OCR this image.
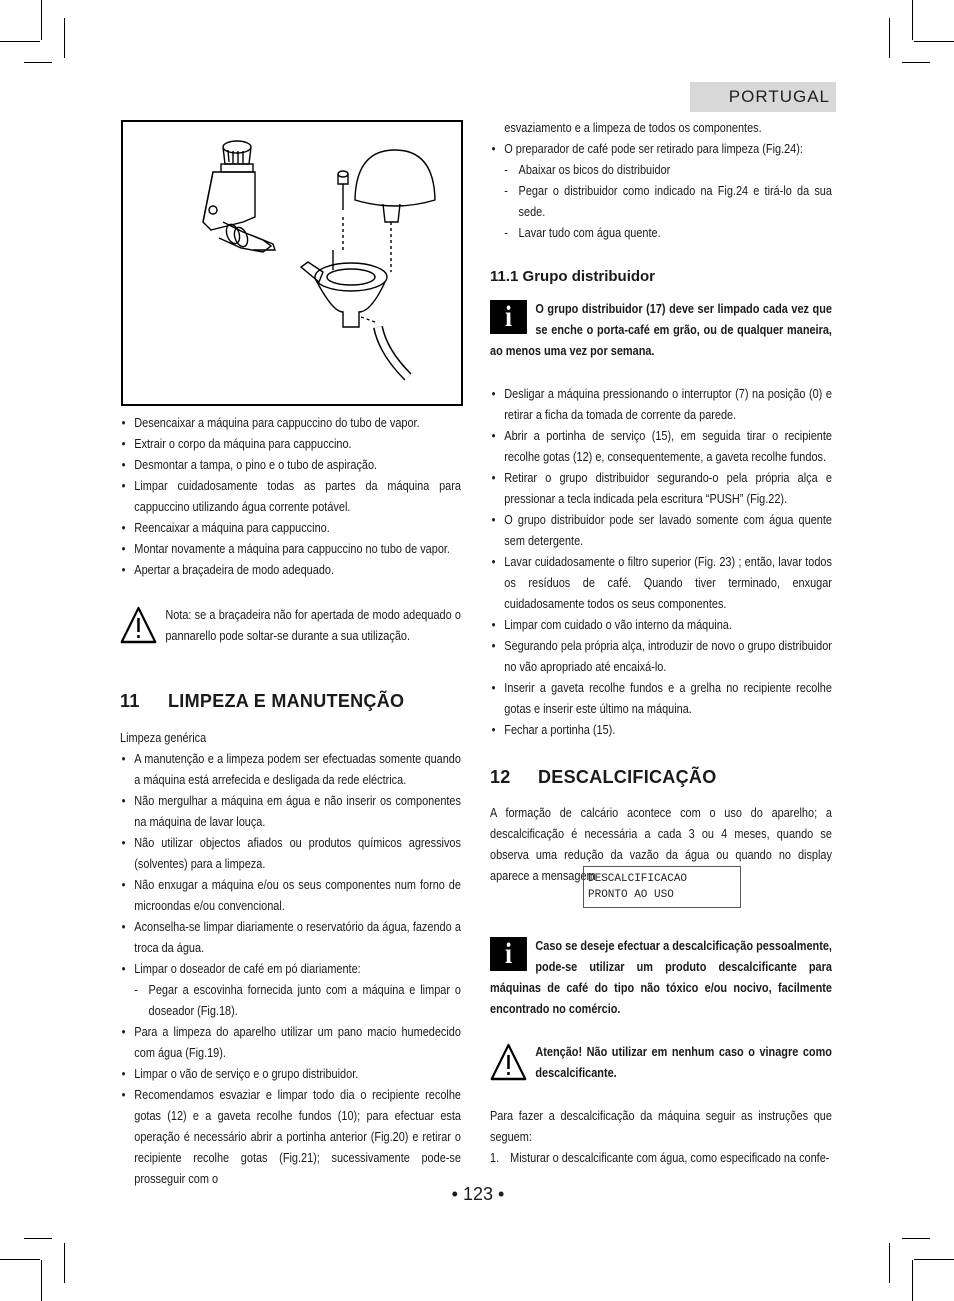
PORTUGAL
• Desencaixar a máquina para cappuccino do tubo de vapor.
• Extrair o corpo da máquina para cappuccino.
• Desmontar a tampa, o pino e o tubo de aspiração.
• Limpar cuidadosamente todas as partes da máquina para cappuccino utilizando água corrente potável.
• Reencaixar a máquina para cappuccino.
• Montar novamente a máquina para cappuccino no tubo de vapor.
• Apertar a braçadeira de modo adequado.
Nota: se a braçadeira não for apertada de modo adequado o pannarello pode soltar-se durante a sua utilização.
11 LIMPEZA E MANUTENÇÃO

Limpeza genérica

• A manutenção e a limpeza podem ser efectuadas somente quando a máquina está arrefecida e desligada da rede eléctrica.
• Não mergulhar a máquina em água e não inserir os componentes na máquina de lavar louça.
• Não utilizar objectos afiados ou produtos químicos agressivos (solventes) para a limpeza.
• Não enxugar a máquina e/ou os seus componentes num forno de microondas e/ou convencional.
• Aconselha-se limpar diariamente o reservatório da água, fazendo a troca da água.
• Limpar o doseador de café em pó diariamente:
- Pegar a escovinha fornecida junto com a máquina e limpar o doseador (Fig.18).
• Para a limpeza do aparelho utilizar um pano macio humedecido com água (Fig.19).
• Limpar o vão de serviço e o grupo distribuidor.
• Recomendamos esvaziar e limpar todo dia o recipiente recolhe gotas (12) e a gaveta recolhe fundos (10); para efectuar esta operação é necessário abrir a portinha anterior (Fig.20) e retirar o recipiente recolhe gotas (Fig.21); sucessivamente pode-se prosseguir com o
esvaziamento e a limpeza de todos os componentes.
• O preparador de café pode ser retirado para limpeza (Fig.24):
- Abaixar os bicos do distribuidor
- Pegar o distribuidor como indicado na Fig.24 e tirá-lo da sua sede.
- Lavar tudo com água quente.
11.1 Grupo distribuidor
i	O grupo distribuidor (17) deve ser limpado cada vez que se enche o porta-café em grão, ou de qualquer maneira, ao menos uma vez por semana.
• Desligar a máquina pressionando o interruptor (7) na posição (0) e retirar a ficha da tomada de corrente da parede.
• Abrir a portinha de serviço (15), em seguida tirar o recipiente recolhe gotas (12) e, consequentemente, a gaveta recolhe fundos.
• Retirar o grupo distribuidor segurando-o pela própria alça e pressionar a tecla indicada pela escritura “PUSH” (Fig.22).
• O grupo distribuidor pode ser lavado somente com água quente sem detergente.
• Lavar cuidadosamente o filtro superior (Fig. 23) ; então, lavar todos os resíduos de café. Quando tiver terminado, enxugar cuidadosamente todos os seus componentes.
• Limpar com cuidado o vão interno da máquina.
• Segurando pela própria alça, introduzir de novo o grupo distribuidor no vão apropriado até encaixá-lo.
• Inserir a gaveta recolhe fundos e a grelha no recipiente recolhe gotas e inserir este último na máquina.
• Fechar a portinha (15).
12 DESCALCIFICAÇÃO

A formação de calcário acontece com o uso do aparelho; a descalcificação é necessária a cada 3 ou 4 meses, quando se observa uma redução da vazão da água ou quando no display aparece a mensagem

DESCALCIFICACAO
PRONTO AO USO
i	Caso se deseje efectuar a descalcificação pessoalmente, pode-se utilizar um produto descalcificante para máquinas de café do tipo não tóxico e/ou nocivo, facilmente encontrado no comércio.
Atenção! Não utilizar em nenhum caso o vinagre como descalcificante.

Para fazer a descalcificação da máquina seguir as instruções que seguem:

1. Misturar o descalcificante com água, como especificado na confe-
• 123 •
